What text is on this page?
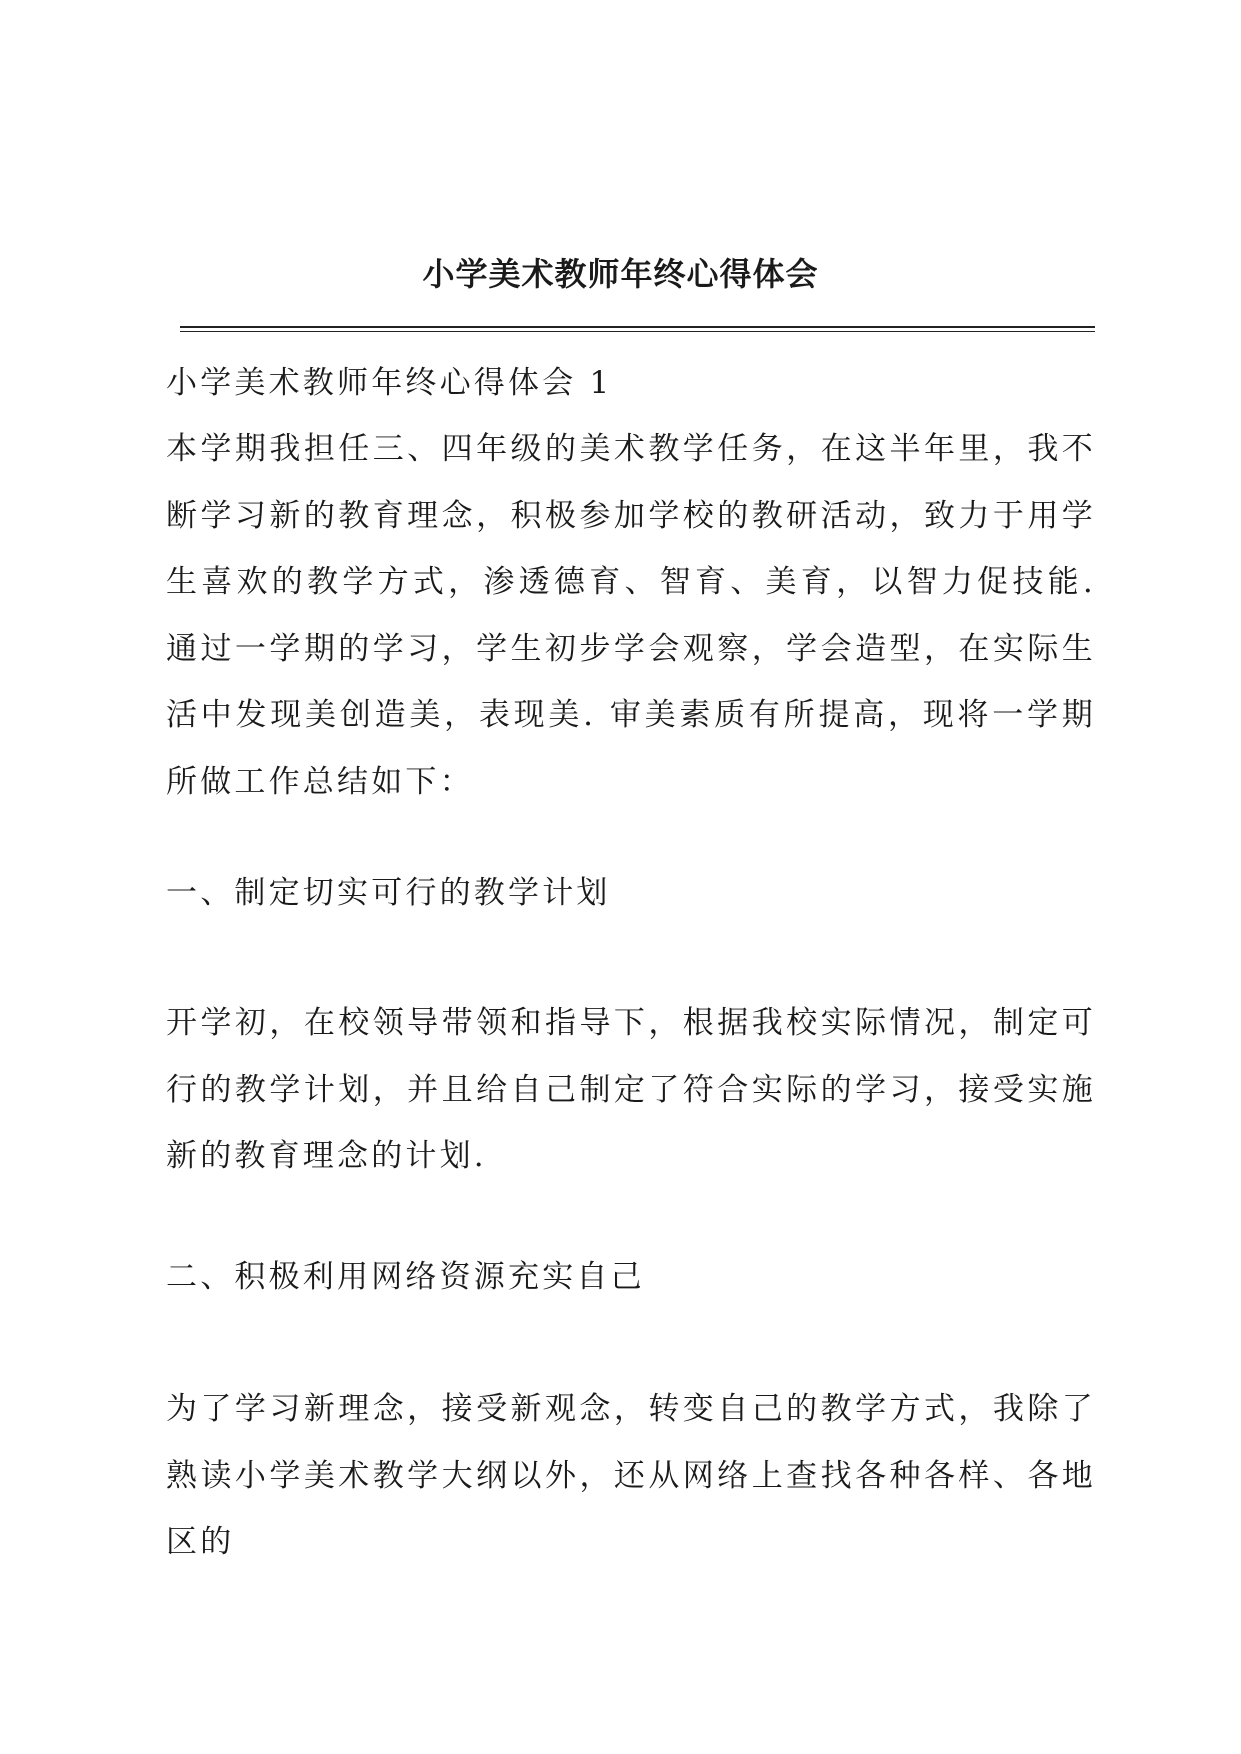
小学美术教师年终心得体会

小学美术教师年终心得体会 1

本学期我担任三、四年级的美术教学任务，在这半年里，我不断学习新的教育理念，积极参加学校的教研活动，致力于用学生喜欢的教学方式，渗透德育、智育、美育，以智力促技能. 通过一学期的学习，学生初步学会观察，学会造型，在实际生活中发现美创造美，表现美. 审美素质有所提高，现将一学期所做工作总结如下：

一、制定切实可行的教学计划

开学初，在校领导带领和指导下，根据我校实际情况，制定可行的教学计划，并且给自己制定了符合实际的学习，接受实施新的教育理念的计划.

二、积极利用网络资源充实自己

为了学习新理念，接受新观念，转变自己的教学方式，我除了熟读小学美术教学大纲以外，还从网络上查找各种各样、各地区的
